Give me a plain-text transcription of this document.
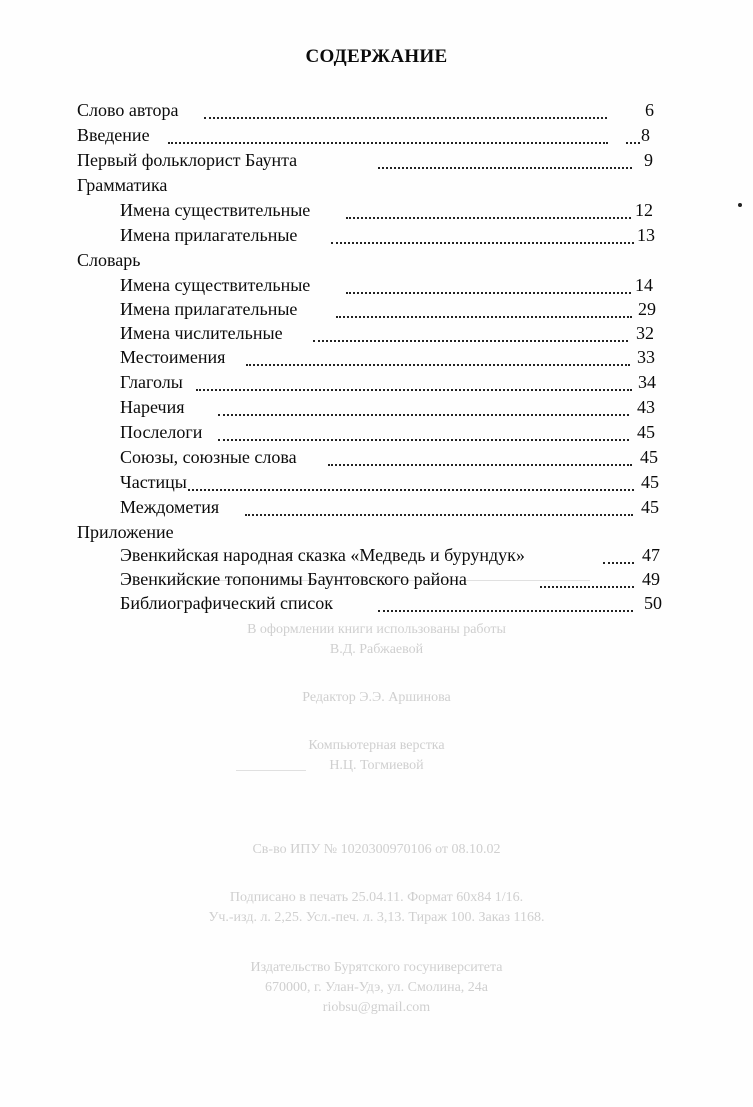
В оформлении книги использованы работы
В.Д. Рабжаевой
Редактор Э.Э. Аршинова
Компьютерная верстка
Н.Ц. Тогмиевой
Св-во ИПУ № 1020300970106 от 08.10.02
Подписано в печать 25.04.11. Формат 60х84 1/16.
Уч.-изд. л. 2,25. Усл.-печ. л. 3,13. Тираж 100. Заказ 1168.
Издательство Бурятского госуниверситета
670000, г. Улан-Удэ, ул. Смолина, 24а
riobsu@gmail.com
СОДЕРЖАНИЕ
Слово автора	6
Введение	8
Первый фольклорист Баунта	9
Грамматика
Имена существительные	12
Имена прилагательные	13
Словарь
Имена существительные	14
Имена прилагательные	29
Имена числительные	32
Местоимения	33
Глаголы	34
Наречия	43
Послелоги	45
Союзы, союзные слова	45
Частицы	45
Междометия	45
Приложение
Эвенкийская народная сказка «Медведь и бурундук»	47
Эвенкийские топонимы Баунтовского района	49
Библиографический список	50
